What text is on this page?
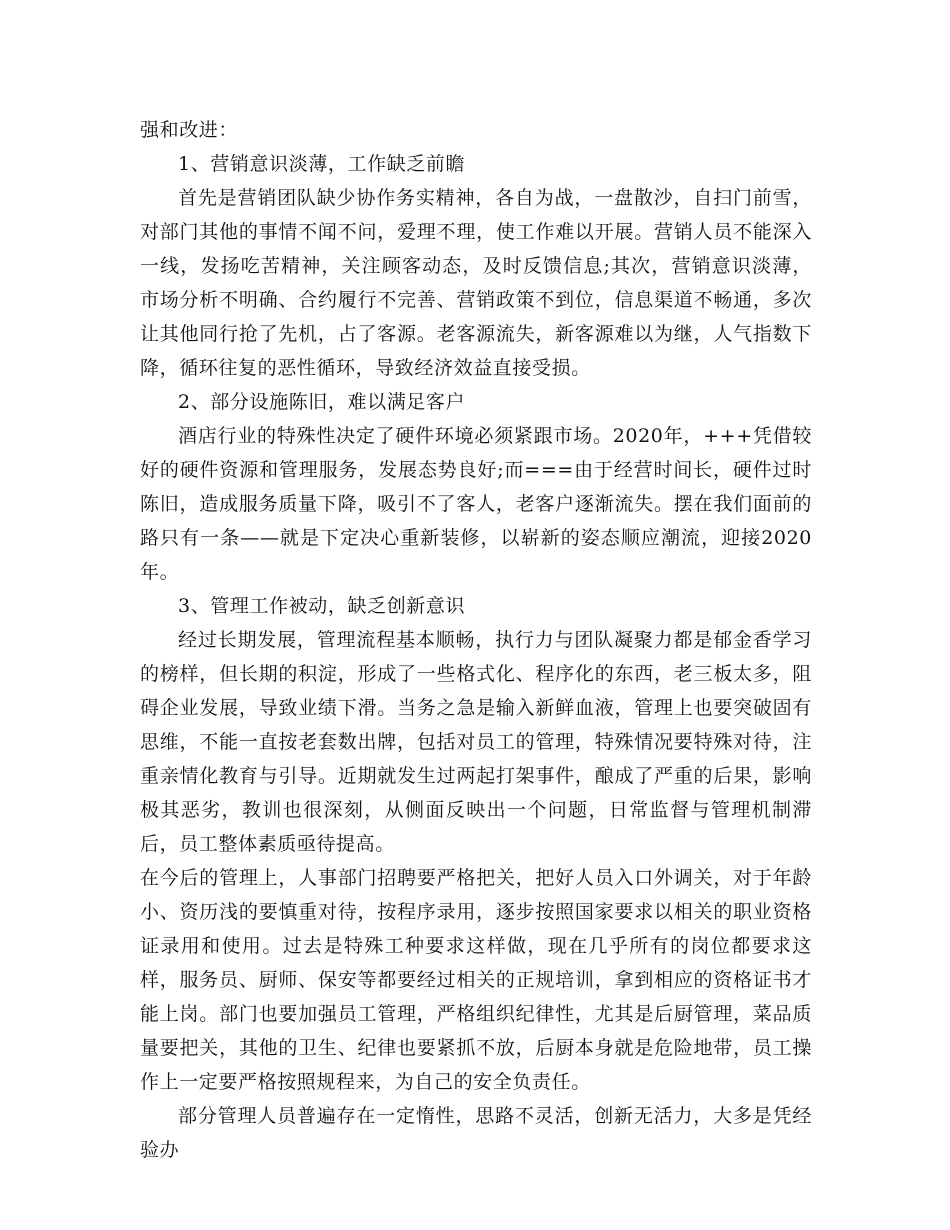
强和改进：

1、营销意识淡薄，工作缺乏前瞻

首先是营销团队缺少协作务实精神，各自为战，一盘散沙，自扫门前雪，对部门其他的事情不闻不问，爱理不理，使工作难以开展。营销人员不能深入一线，发扬吃苦精神，关注顾客动态，及时反馈信息;其次，营销意识淡薄，市场分析不明确、合约履行不完善、营销政策不到位，信息渠道不畅通，多次让其他同行抢了先机，占了客源。老客源流失，新客源难以为继，人气指数下降，循环往复的恶性循环，导致经济效益直接受损。

2、部分设施陈旧，难以满足客户

酒店行业的特殊性决定了硬件环境必须紧跟市场。2020年，+++凭借较好的硬件资源和管理服务，发展态势良好;而===由于经营时间长，硬件过时陈旧，造成服务质量下降，吸引不了客人，老客户逐渐流失。摆在我们面前的路只有一条——就是下定决心重新装修，以崭新的姿态顺应潮流，迎接2020年。

3、管理工作被动，缺乏创新意识

经过长期发展，管理流程基本顺畅，执行力与团队凝聚力都是郁金香学习的榜样，但长期的积淀，形成了一些格式化、程序化的东西，老三板太多，阻碍企业发展，导致业绩下滑。当务之急是输入新鲜血液，管理上也要突破固有思维，不能一直按老套数出牌，包括对员工的管理，特殊情况要特殊对待，注重亲情化教育与引导。近期就发生过两起打架事件，酿成了严重的后果，影响极其恶劣，教训也很深刻，从侧面反映出一个问题，日常监督与管理机制滞后，员工整体素质亟待提高。

在今后的管理上，人事部门招聘要严格把关，把好人员入口外调关，对于年龄小、资历浅的要慎重对待，按程序录用，逐步按照国家要求以相关的职业资格证录用和使用。过去是特殊工种要求这样做，现在几乎所有的岗位都要求这样，服务员、厨师、保安等都要经过相关的正规培训，拿到相应的资格证书才能上岗。部门也要加强员工管理，严格组织纪律性，尤其是后厨管理，菜品质量要把关，其他的卫生、纪律也要紧抓不放，后厨本身就是危险地带，员工操作上一定要严格按照规程来，为自己的安全负责任。

部分管理人员普遍存在一定惰性，思路不灵活，创新无活力，大多是凭经验办
